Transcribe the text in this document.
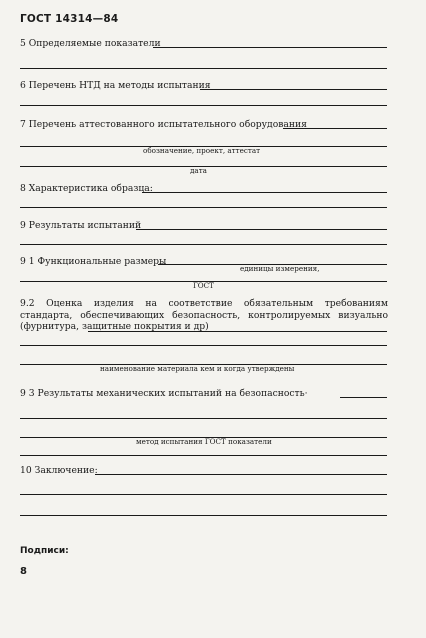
ГОСТ 14314—84
5 Определяемые показатели
6 Перечень НТД на методы испытания
7 Перечень аттестованного испытательного оборудования
обозначение, проект, аттестат
дата
8 Характеристика образца:
9 Результаты испытаний
9 1 Функциональные размеры
единицы измерения,
ГОСТ
9.2 Оценка изделия на соответствие обязательным требованиям стандарта, обеспечивающих безопасность, контролируемых визуально (фурнитура, защитные покрытия и др)
наименование материала кем и когда утверждены
9 3 Результаты механических испытаний на безопасность·
метод испытания ГОСТ показатели
10 Заключение:
Подписи:
8
